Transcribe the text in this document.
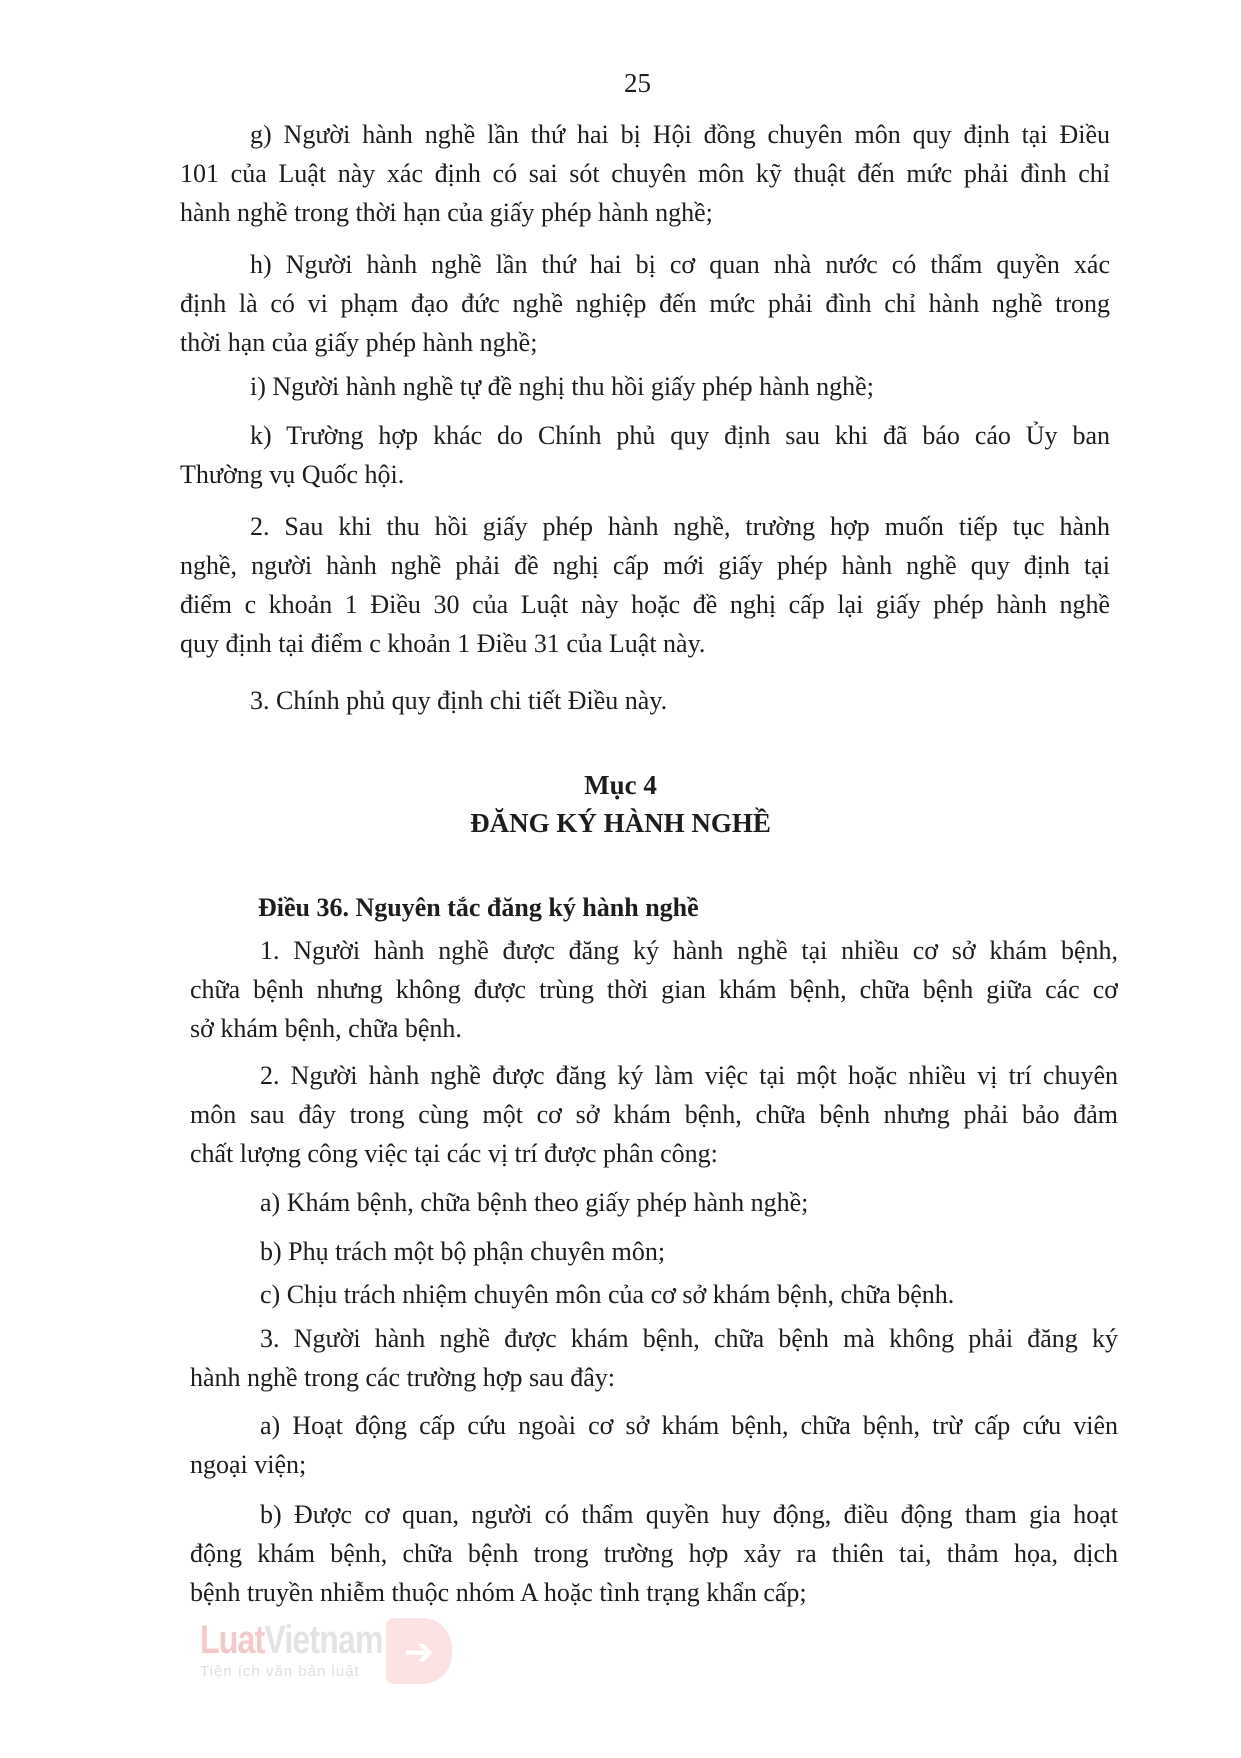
25
g) Người hành nghề lần thứ hai bị Hội đồng chuyên môn quy định tại Điều
101 của Luật này xác định có sai sót chuyên môn kỹ thuật đến mức phải đình chỉ
hành nghề trong thời hạn của giấy phép hành nghề;
h) Người hành nghề lần thứ hai bị cơ quan nhà nước có thẩm quyền xác
định là có vi phạm đạo đức nghề nghiệp đến mức phải đình chỉ hành nghề trong
thời hạn của giấy phép hành nghề;
i) Người hành nghề tự đề nghị thu hồi giấy phép hành nghề;
k) Trường hợp khác do Chính phủ quy định sau khi đã báo cáo Ủy ban
Thường vụ Quốc hội.
2. Sau khi thu hồi giấy phép hành nghề, trường hợp muốn tiếp tục hành
nghề, người hành nghề phải đề nghị cấp mới giấy phép hành nghề quy định tại
điểm c khoản 1 Điều 30 của Luật này hoặc đề nghị cấp lại giấy phép hành nghề
quy định tại điểm c khoản 1 Điều 31 của Luật này.
3. Chính phủ quy định chi tiết Điều này.
Mục 4
ĐĂNG KÝ HÀNH NGHỀ
Điều 36. Nguyên tắc đăng ký hành nghề
1. Người hành nghề được đăng ký hành nghề tại nhiều cơ sở khám bệnh,
chữa bệnh nhưng không được trùng thời gian khám bệnh, chữa bệnh giữa các cơ
sở khám bệnh, chữa bệnh.
2. Người hành nghề được đăng ký làm việc tại một hoặc nhiều vị trí chuyên
môn sau đây trong cùng một cơ sở khám bệnh, chữa bệnh nhưng phải bảo đảm
chất lượng công việc tại các vị trí được phân công:
a) Khám bệnh, chữa bệnh theo giấy phép hành nghề;
b) Phụ trách một bộ phận chuyên môn;
c) Chịu trách nhiệm chuyên môn của cơ sở khám bệnh, chữa bệnh.
3. Người hành nghề được khám bệnh, chữa bệnh mà không phải đăng ký
hành nghề trong các trường hợp sau đây:
a) Hoạt động cấp cứu ngoài cơ sở khám bệnh, chữa bệnh, trừ cấp cứu viên
ngoại viện;
b) Được cơ quan, người có thẩm quyền huy động, điều động tham gia hoạt
động khám bệnh, chữa bệnh trong trường hợp xảy ra thiên tai, thảm họa, dịch
bệnh truyền nhiễm thuộc nhóm A hoặc tình trạng khẩn cấp;
LuatVietnam
Tiện ích văn bản luật	➔
